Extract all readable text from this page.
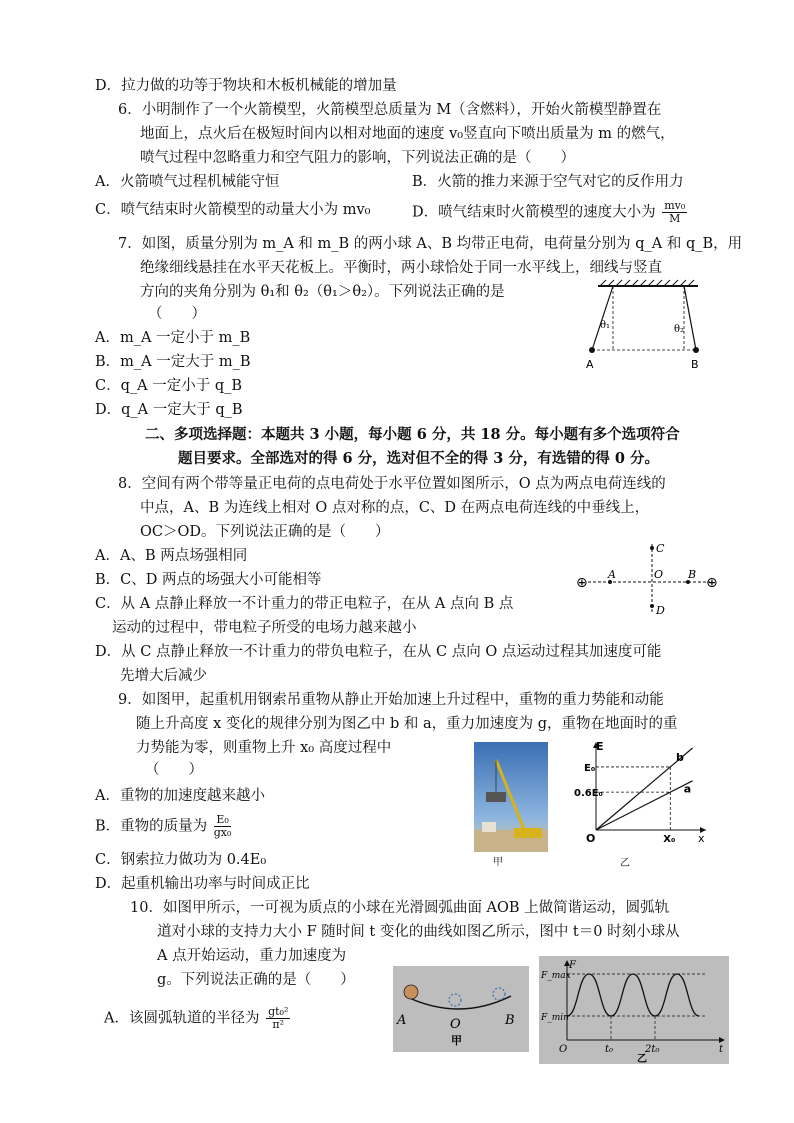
D．拉力做的功等于物块和木板机械能的增加量
6．小明制作了一个火箭模型，火箭模型总质量为 M（含燃料），开始火箭模型静置在
地面上，点火后在极短时间内以相对地面的速度 v₀竖直向下喷出质量为 m 的燃气，
喷气过程中忽略重力和空气阻力的影响，下列说法正确的是（　　）
A．火箭喷气过程机械能守恒	B．火箭的推力来源于空气对它的反作用力
C．喷气结束时火箭模型的动量大小为 mv₀	D．喷气结束时火箭模型的速度大小为 $\frac{\text{mv₀}}{M}$
7．如图，质量分别为 m_A 和 m_B 的两小球 A、B 均带正电荷，电荷量分别为 q_A 和 q_B，用
绝缘细线悬挂在水平天花板上。平衡时，两小球恰处于同一水平线上，细线与竖直
方向的夹角分别为 θ₁和 θ₂（θ₁＞θ₂）。下列说法正确的是
（　　）
A．m_A 一定小于 m_B
B．m_A 一定大于 m_B
C．q_A 一定小于 q_B
D．q_A 一定大于 q_B
二、多项选择题：本题共 3 小题，每小题 6 分，共 18 分。每小题有多个选项符合
题目要求。全部选对的得 6 分，选对但不全的得 3 分，有选错的得 0 分。
8．空间有两个带等量正电荷的点电荷处于水平位置如图所示，O 点为两点电荷连线的
中点，A、B 为连线上相对 O 点对称的点，C、D 在两点电荷连线的中垂线上，
OC＞OD。下列说法正确的是（　　）
A．A、B 两点场强相同
B．C、D 两点的场强大小可能相等
C．从 A 点静止释放一不计重力的带正电粒子，在从 A 点向 B 点
运动的过程中，带电粒子所受的电场力越来越小
D．从 C 点静止释放一不计重力的带负电粒子，在从 C 点向 O 点运动过程其加速度可能
先增大后减少
9．如图甲，起重机用钢索吊重物从静止开始加速上升过程中，重物的重力势能和动能
随上升高度 x 变化的规律分别为图乙中 b 和 a，重力加速度为 g，重物在地面时的重
力势能为零，则重物上升 x₀ 高度过程中
（　　）
A．重物的加速度越来越小
B．重物的质量为 $\frac{\text{E₀}}{\text{gx₀}}$
C．钢索拉力做功为 0.4E₀
D．起重机输出功率与时间成正比
10．如图甲所示，一可视为质点的小球在光滑圆弧曲面 AOB 上做简谐运动，圆弧轨
道对小球的支持力大小 F 随时间 t 变化的曲线如图乙所示，图中 t＝0 时刻小球从
A 点开始运动，重力加速度为
g。下列说法正确的是（　　）
A．该圆弧轨道的半径为 $\frac{\text{gt₀²}}{\text{π²}}$
θ₁	θ₂
A	B
⊕	⊕
C
A	O B
D
甲
E
x
O
E₀
0.6E₀
X₀
b
a
乙
A	O	B
甲
F
F_max
F_min
O	t₀	2t₀	t
乙
